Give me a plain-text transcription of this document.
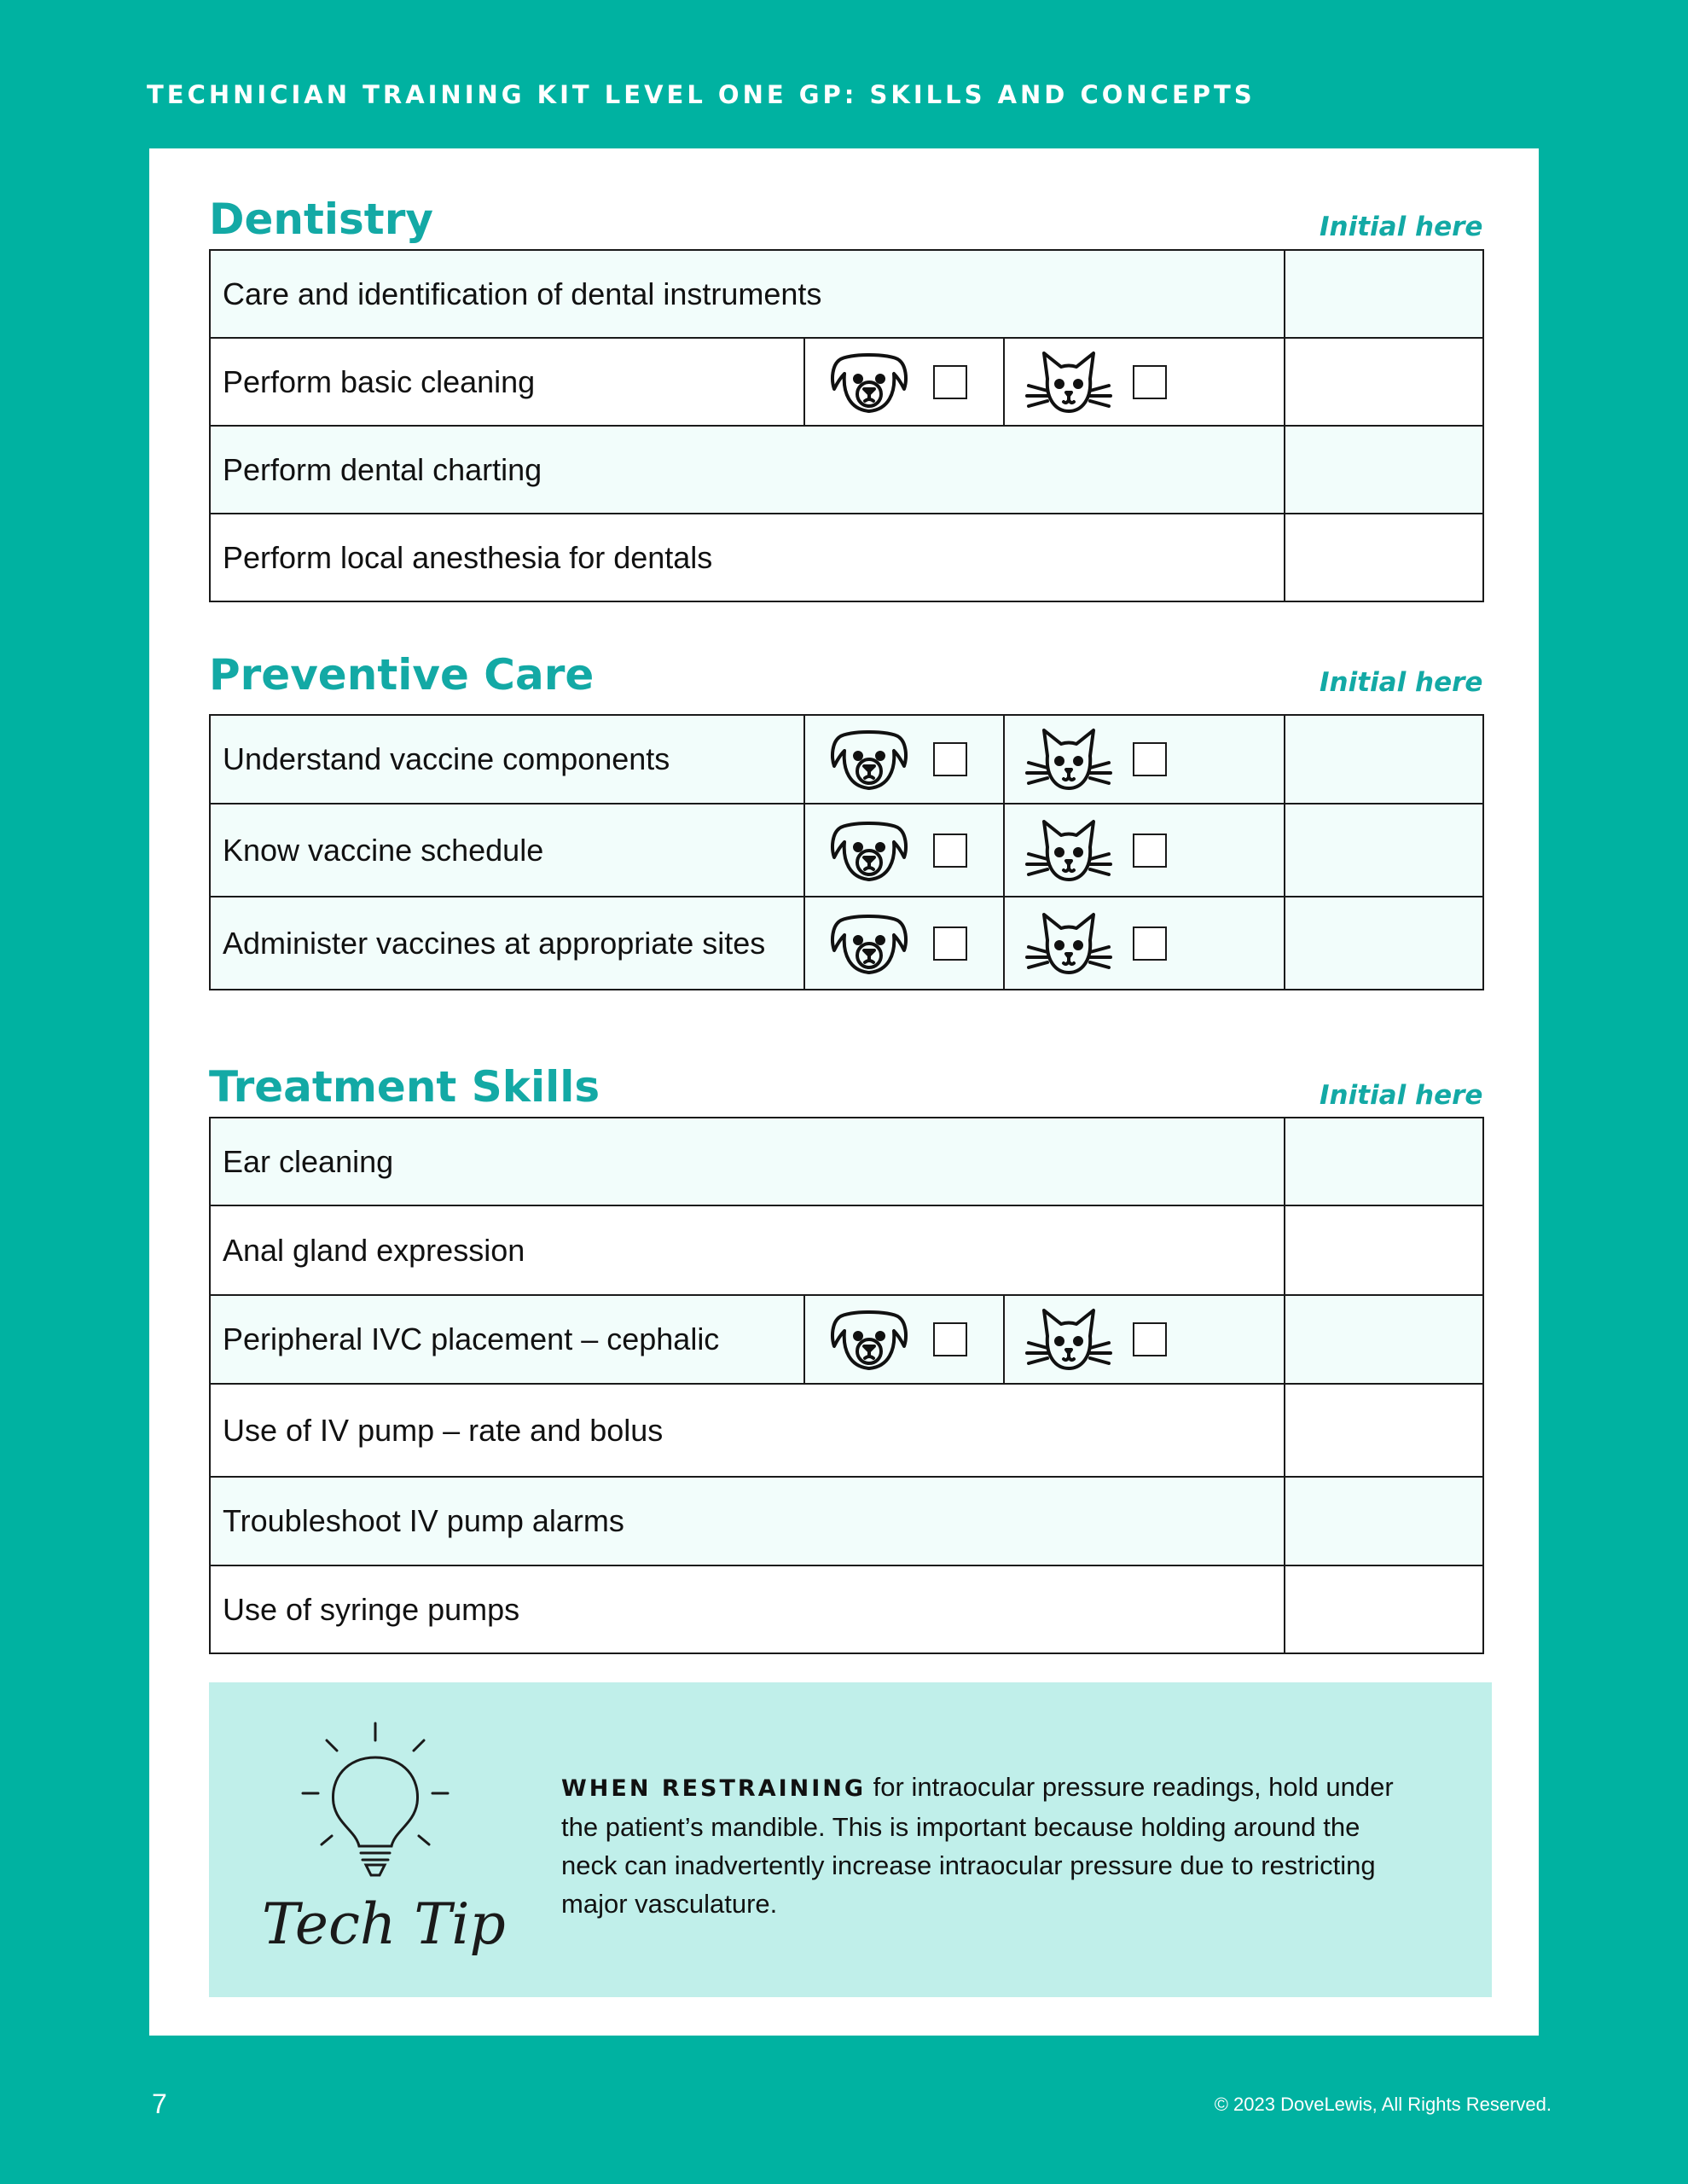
TECHNICIAN TRAINING KIT LEVEL ONE GP: SKILLS AND CONCEPTS
Dentistry	Initial here
Care and identification of dental instruments			
Perform basic cleaning	

Perform dental charting			
Perform local anesthesia for dentals			
Preventive Care	Initial here
Understand vaccine components	

Know vaccine schedule	

Administer vaccines at appropriate sites	

Treatment Skills	Initial here
Ear cleaning			
Anal gland expression			
Peripheral IVC placement – cephalic	

Use of IV pump – rate and bolus			
Troubleshoot IV pump alarms			
Use of syringe pumps			
Tech Tip
WHEN RESTRAINING for intraocular pressure readings, hold under the patient’s mandible. This is important because holding around the neck can inadvertently increase intraocular pressure due to restricting major vasculature.
7	© 2023 DoveLewis, All Rights Reserved.
